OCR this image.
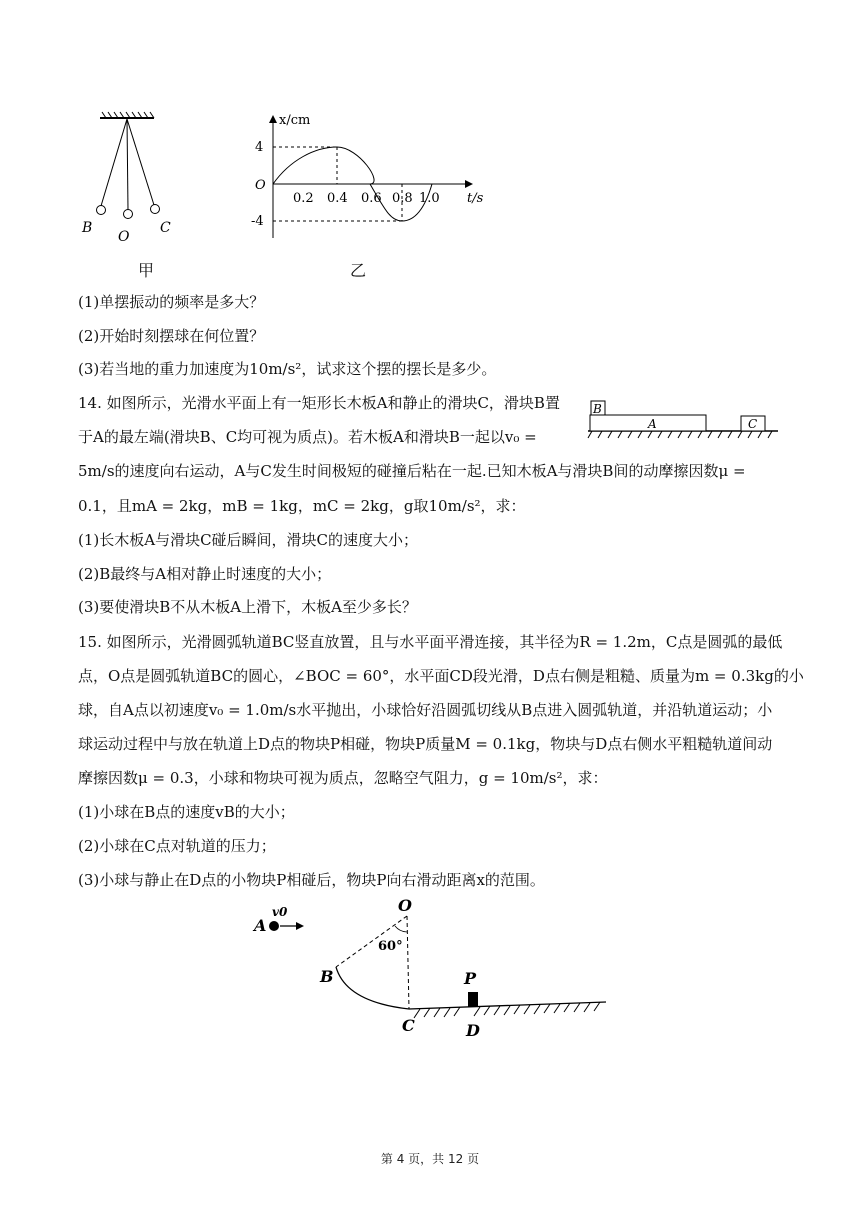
B
O
C
甲
x/cm
t/s
O
4
-4
0.2 0.4 0.6 0.8 1.0
乙
(1)单摆振动的频率是多大？
(2)开始时刻摆球在何位置？
(3)若当地的重力加速度为10m/s²，试求这个摆的摆长是多少。
14. 如图所示，光滑水平面上有一矩形长木板A和静止的滑块C，滑块B置
于A的最左端(滑块B、C均可视为质点)。若木板A和滑块B一起以v₀ =
5m/s的速度向右运动，A与C发生时间极短的碰撞后粘在一起.已知木板A与滑块B间的动摩擦因数μ =
0.1，且mA = 2kg，mB = 1kg，mC = 2kg，g取10m/s²，求：
(1)长木板A与滑块C碰后瞬间，滑块C的速度大小；
(2)B最终与A相对静止时速度的大小；
(3)要使滑块B不从木板A上滑下，木板A至少多长？
B
A	C
15. 如图所示，光滑圆弧轨道BC竖直放置，且与水平面平滑连接，其半径为R = 1.2m，C点是圆弧的最低
点，O点是圆弧轨道BC的圆心，∠BOC = 60°，水平面CD段光滑，D点右侧是粗糙、质量为m = 0.3kg的小
球，自A点以初速度v₀ = 1.0m/s水平抛出，小球恰好沿圆弧切线从B点进入圆弧轨道，并沿轨道运动；小
球运动过程中与放在轨道上D点的物块P相碰，物块P质量M = 0.1kg，物块与D点右侧水平粗糙轨道间动
摩擦因数μ = 0.3，小球和物块可视为质点，忽略空气阻力，g = 10m/s²，求：
(1)小球在B点的速度vB的大小；
(2)小球在C点对轨道的压力；
(3)小球与静止在D点的小物块P相碰后，物块P向右滑动距离x的范围。
A
v0	O
60°
B	P
C	D
第 4 页，共 12 页
